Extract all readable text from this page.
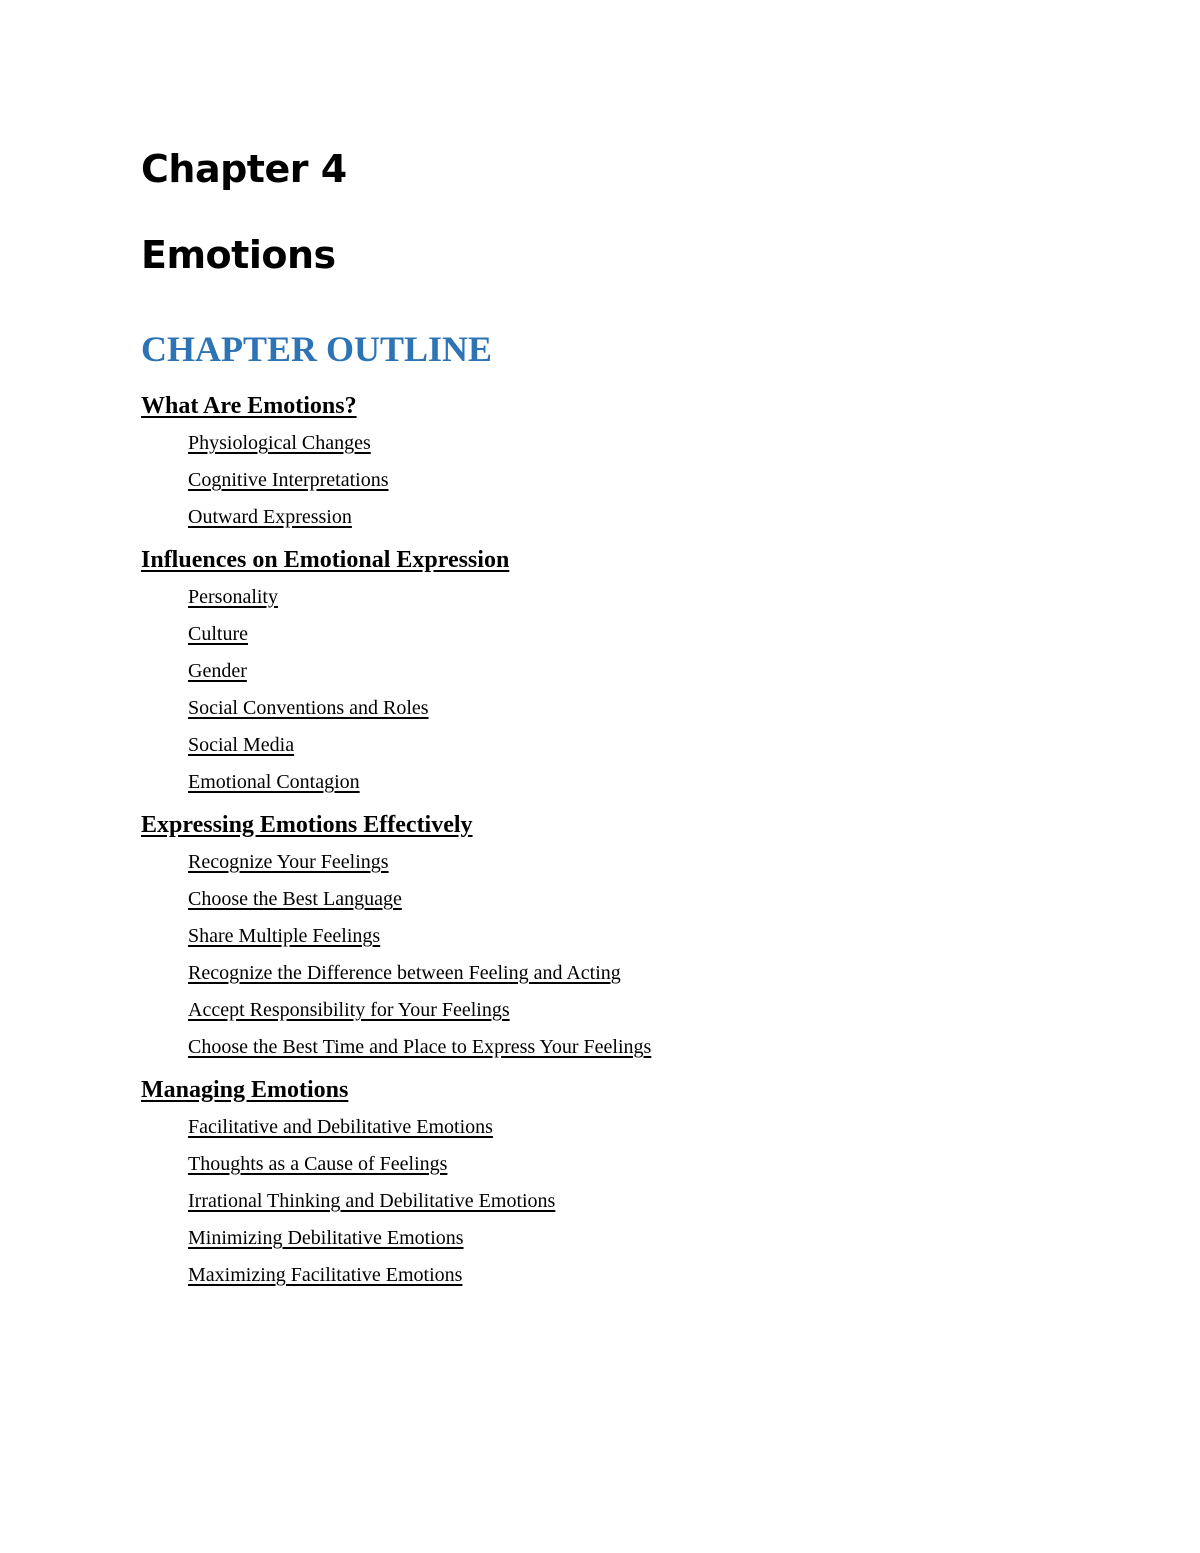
Chapter 4
Emotions
CHAPTER OUTLINE
What Are Emotions?
Physiological Changes
Cognitive Interpretations
Outward Expression
Influences on Emotional Expression
Personality
Culture
Gender
Social Conventions and Roles
Social Media
Emotional Contagion
Expressing Emotions Effectively
Recognize Your Feelings
Choose the Best Language
Share Multiple Feelings
Recognize the Difference between Feeling and Acting
Accept Responsibility for Your Feelings
Choose the Best Time and Place to Express Your Feelings
Managing Emotions
Facilitative and Debilitative Emotions
Thoughts as a Cause of Feelings
Irrational Thinking and Debilitative Emotions
Minimizing Debilitative Emotions
Maximizing Facilitative Emotions
